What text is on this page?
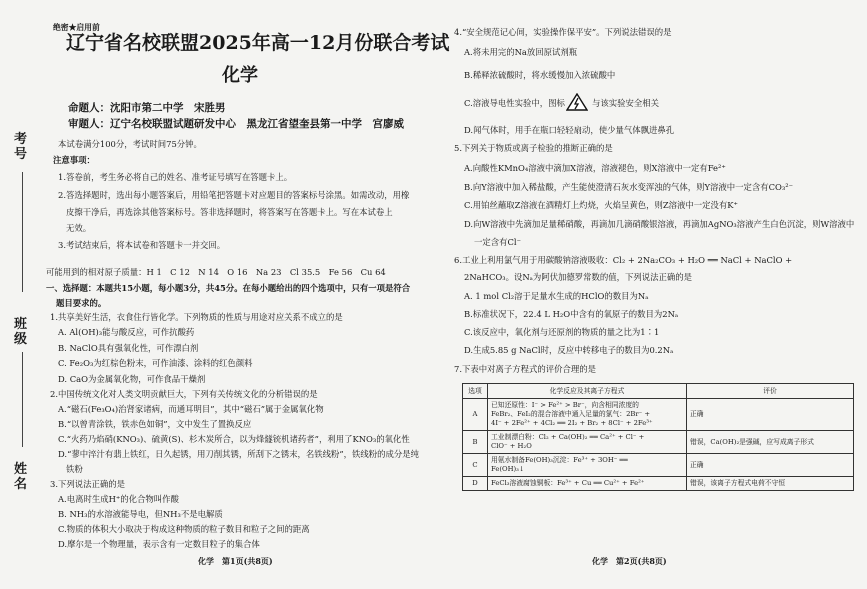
考号
班级
姓名
绝密★启用前
辽宁省名校联盟2025年高一12月份联合考试
化学
命题人：沈阳市第二中学　宋胜男
审题人：辽宁名校联盟试题研发中心　黑龙江省望奎县第一中学　宫廖威
本试卷满分100分，考试时间75分钟。
注意事项：
1.答卷前，考生务必将自己的姓名、准考证号填写在答题卡上。
2.答选择题时，选出每小题答案后，用铅笔把答题卡对应题目的答案标号涂黑。如需改动，用橡
皮擦干净后，再选涂其他答案标号。答非选择题时，将答案写在答题卡上。写在本试卷上
无效。
3.考试结束后，将本试卷和答题卡一并交回。
可能用到的相对原子质量：H 1　C 12　N 14　O 16　Na 23　Cl 35.5　Fe 56　Cu 64
一、选择题：本题共15小题，每小题3分，共45分。在每小题给出的四个选项中，只有一项是符合
题目要求的。
1.共享美好生活，衣食住行皆化学。下列物质的性质与用途对应关系不成立的是
A. Al(OH)₃能与酸反应，可作抗酸药
B. NaClO具有强氧化性，可作漂白剂
C. Fe₂O₃为红棕色粉末，可作油漆、涂料的红色颜料
D. CaO为金属氧化物，可作食品干燥剂
2.中国传统文化对人类文明贡献巨大，下列有关传统文化的分析错误的是
A.“磁石(Fe₃O₄)治肾家诸病，而通耳明目”，其中“磁石”属于金属氧化物
B.“以曾青涂铁，铁赤色如铜”，文中发生了置换反应
C.“火药乃焰硝(KNO₃)、硫黄(S)、杉木炭所合，以为烽燧铳机诸药者”，利用了KNO₃的氧化性
D.“蓼中淬汁有翡上铁红，日久起锈，用刀削其锈，所刮下之锈末，名铁线粉”，铁线粉的成分是纯
铁粉
3.下列说法正确的是
A.电离时生成H⁺的化合物叫作酸
B. NH₃的水溶液能导电，但NH₃不是电解质
C.物质的体积大小取决于构成这种物质的粒子数目和粒子之间的距离
D.摩尔是一个物理量，表示含有一定数目粒子的集合体
化学　第1页(共8页)
4.“安全规范记心间，实验操作保平安”。下列说法错误的是
A.将未用完的Na放回原试剂瓶
B.稀释浓硫酸时，将水缓慢加入浓硫酸中
C.溶液导电性实验中，图标	与该实验安全相关
D.闻气体时，用手在瓶口轻轻扇动，使少量气体飘进鼻孔
5.下列关于物质或离子检验的推断正确的是
A.向酸性KMnO₄溶液中滴加X溶液，溶液褪色，则X溶液中一定有Fe²⁺
B.向Y溶液中加入稀盐酸，产生能使澄清石灰水变浑浊的气体，则Y溶液中一定含有CO₃²⁻
C.用铂丝蘸取Z溶液在酒精灯上灼烧，火焰呈黄色，则Z溶液中一定没有K⁺
D.向W溶液中先滴加足量稀硝酸，再滴加几滴硝酸银溶液，再滴加AgNO₃溶液产生白色沉淀，则W溶液中
一定含有Cl⁻
6.工业上利用氯气用于用碳酸钠溶液吸收：Cl₂ + 2Na₂CO₃ + H₂O ══ NaCl + NaClO +
2NaHCO₃。设Nₐ为阿伏加德罗常数的值，下列说法正确的是
A. 1 mol Cl₂溶于足量水生成的HClO的数目为Nₐ
B.标准状况下，22.4 L H₂O中含有的氧原子的数目为2Nₐ
C.该反应中，氧化剂与还原剂的物质的量之比为1∶1
D.生成5.85 g NaCl时，反应中转移电子的数目为0.2Nₐ
7.下表中对离子方程式的评价合理的是
选项	化学反应及其离子方程式	评价
A	已知还原性：I⁻ > Fe²⁺ > Br⁻，向含相同浓度的
FeBr₂、FeI₂的混合溶液中通入足量的氯气：2Br⁻ +
4I⁻ + 2Fe²⁺ + 4Cl₂ ══ 2I₂ + Br₂ + 8Cl⁻ + 2Fe³⁺	正确
B	工业制漂白粉：Cl₂ + Ca(OH)₂ ══ Ca²⁺ + Cl⁻ +
ClO⁻ + H₂O	错误，Ca(OH)₂是强碱，应写成离子形式
C	用氨水制备Fe(OH)₃沉淀：Fe³⁺ + 3OH⁻ ══
Fe(OH)₃↓	正确
D	FeCl₃溶液腐蚀铜板：Fe³⁺ + Cu ══ Cu²⁺ + Fe²⁺	错误，该离子方程式电荷不守恒
化学　第2页(共8页)
